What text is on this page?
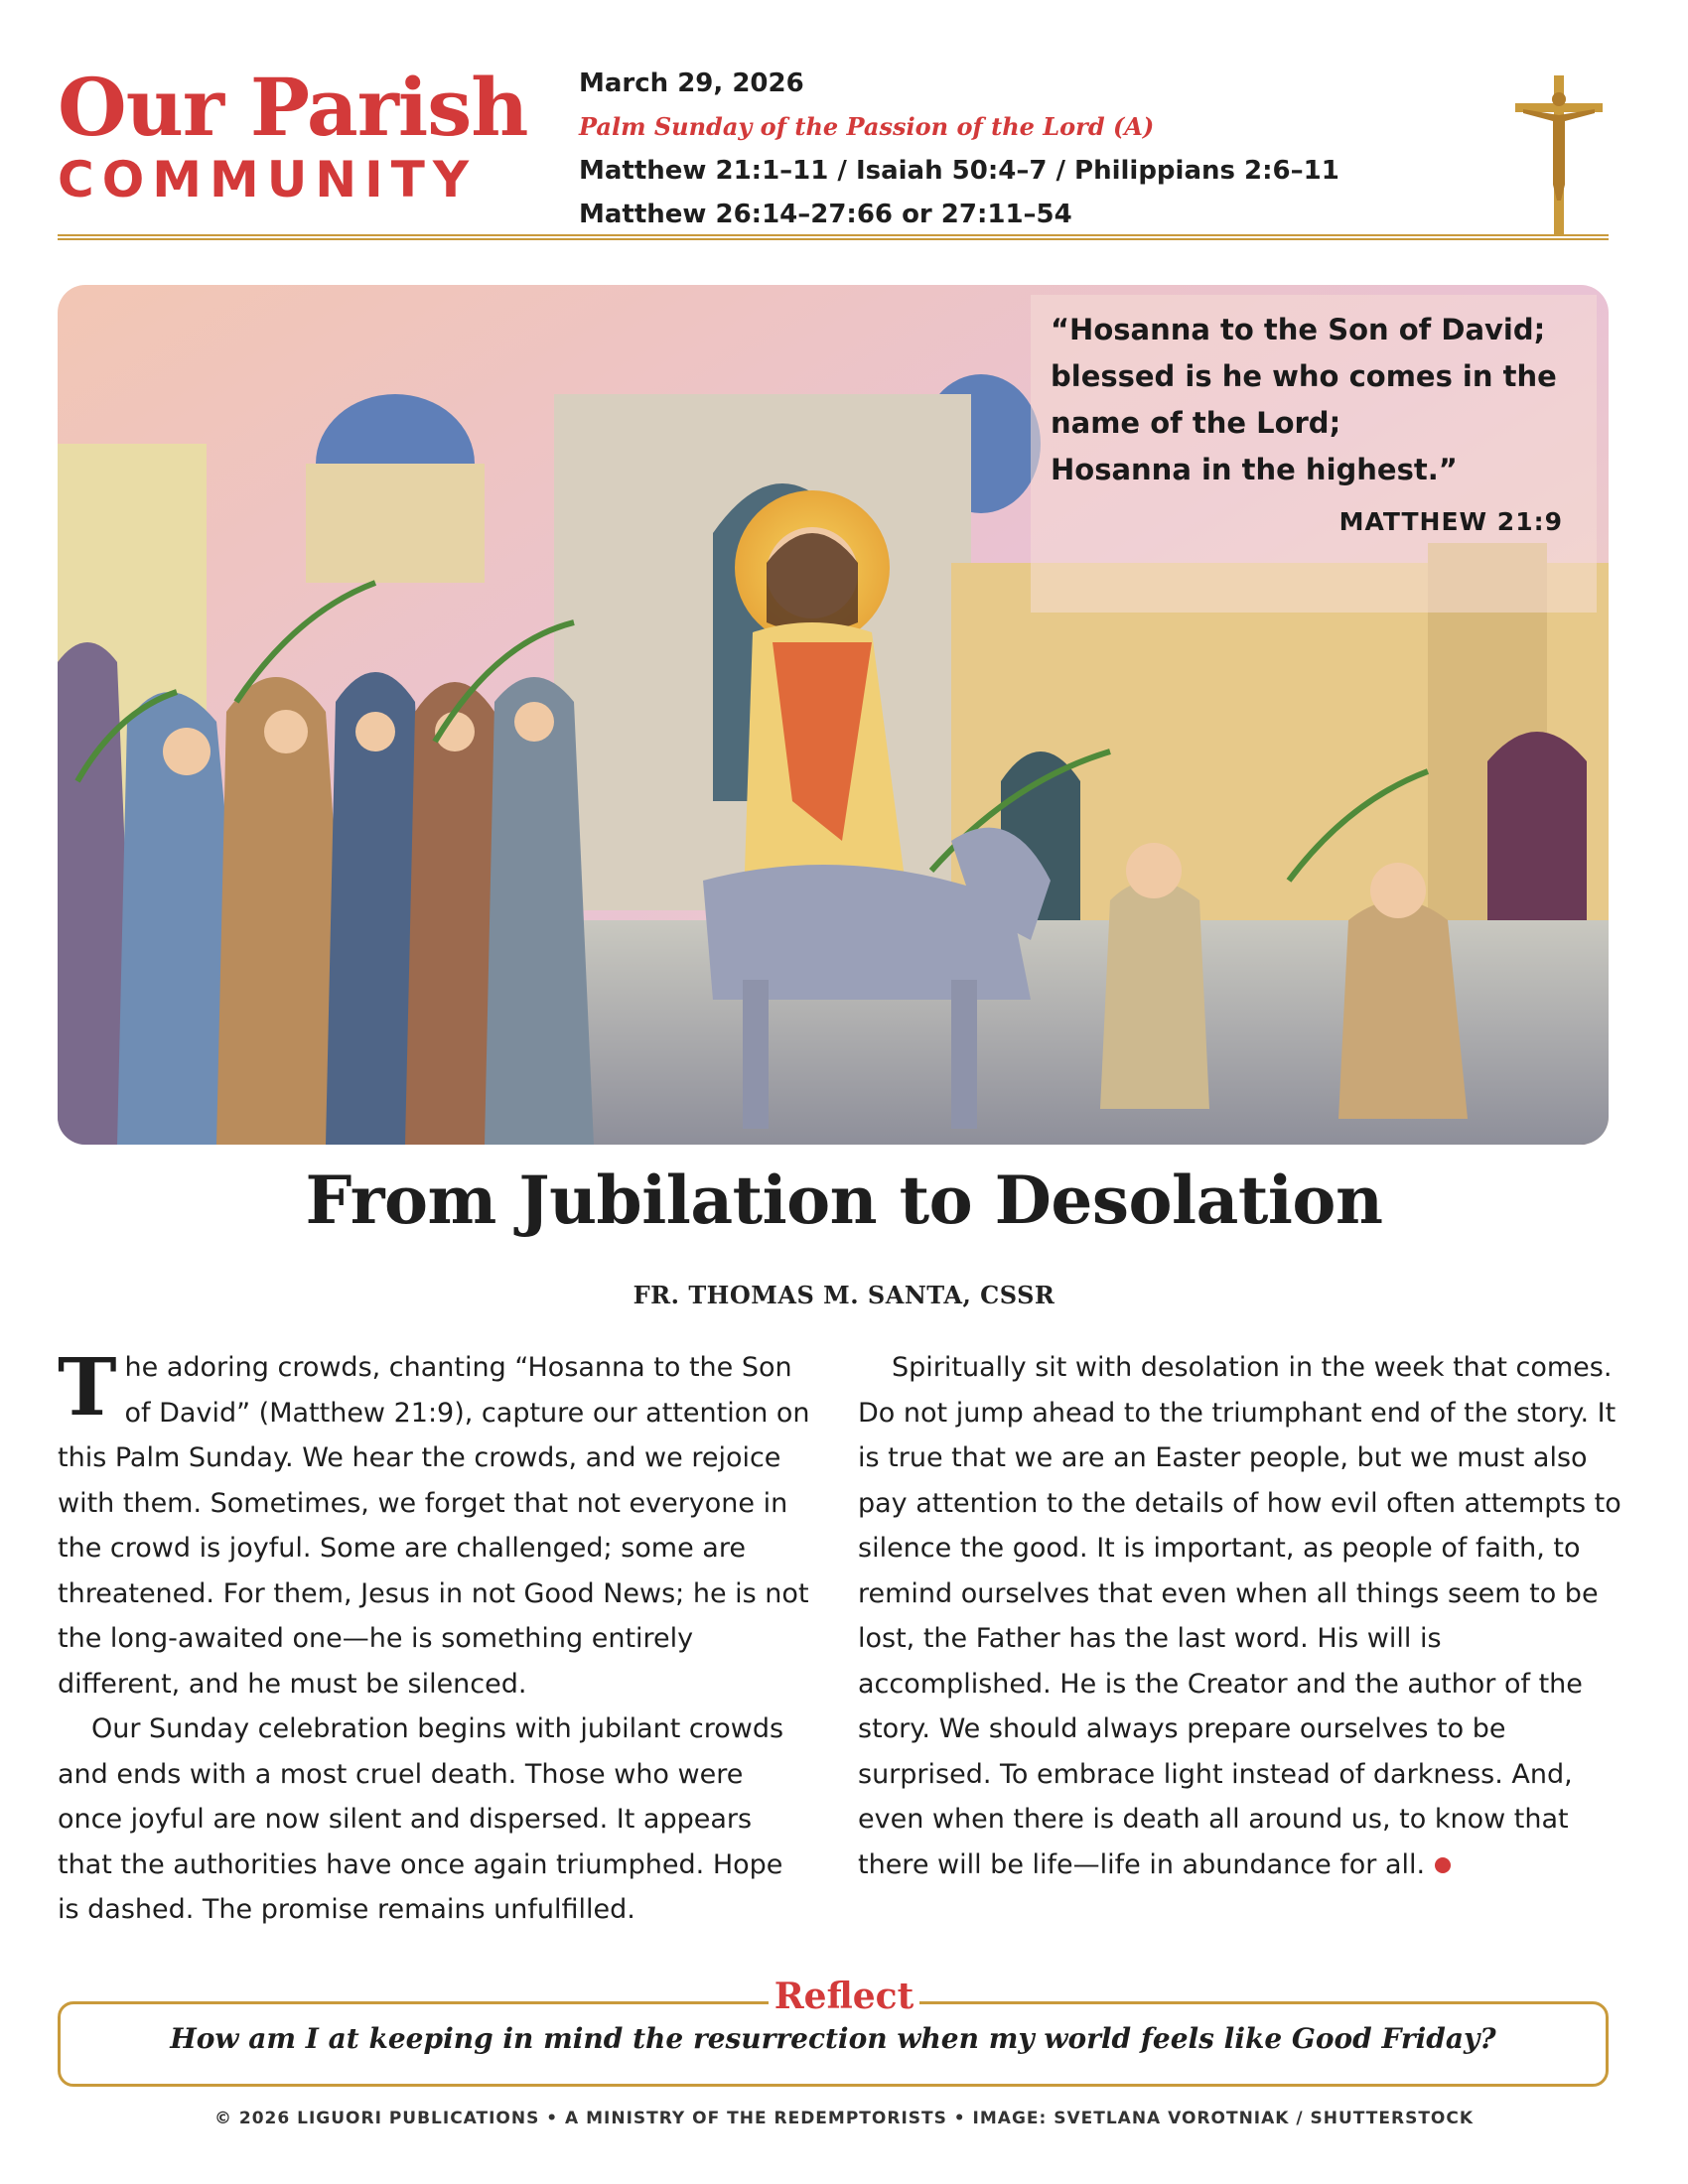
Our Parish
COMMUNITY
March 29, 2026
Palm Sunday of the Passion of the Lord (A)
Matthew 21:1–11 / Isaiah 50:4–7 / Philippians 2:6–11
Matthew 26:14–27:66 or 27:11–54
“Hosanna to the Son of David;
blessed is he who comes in the
name of the Lord;
Hosanna in the highest.”
MATTHEW 21:9
From Jubilation to Desolation
FR. THOMAS M. SANTA, CSSR

The adoring crowds, chanting “Hosanna to the Son of David” (Matthew 21:9), capture our attention on this Palm Sunday. We hear the crowds, and we rejoice with them. Sometimes, we forget that not everyone in the crowd is joyful. Some are challenged; some are threatened. For them, Jesus in not Good News; he is not the long-awaited one—he is something entirely different, and he must be silenced.

Our Sunday celebration begins with jubilant crowds and ends with a most cruel death. Those who were once joyful are now silent and dispersed. It appears that the authorities have once again triumphed. Hope is dashed. The promise remains unfulfilled.

Spiritually sit with desolation in the week that comes. Do not jump ahead to the triumphant end of the story. It is true that we are an Easter people, but we must also pay attention to the details of how evil often attempts to silence the good. It is important, as people of faith, to remind ourselves that even when all things seem to be lost, the Father has the last word. His will is accomplished. He is the Creator and the author of the story. We should always prepare ourselves to be surprised. To embrace light instead of darkness. And, even when there is death all around us, to know that there will be life—life in abundance for all.

Reflect
How am I at keeping in mind the resurrection when my world feels like Good Friday?
© 2026 LIGUORI PUBLICATIONS • A MINISTRY OF THE REDEMPTORISTS • IMAGE: SVETLANA VOROTNIAK / SHUTTERSTOCK
